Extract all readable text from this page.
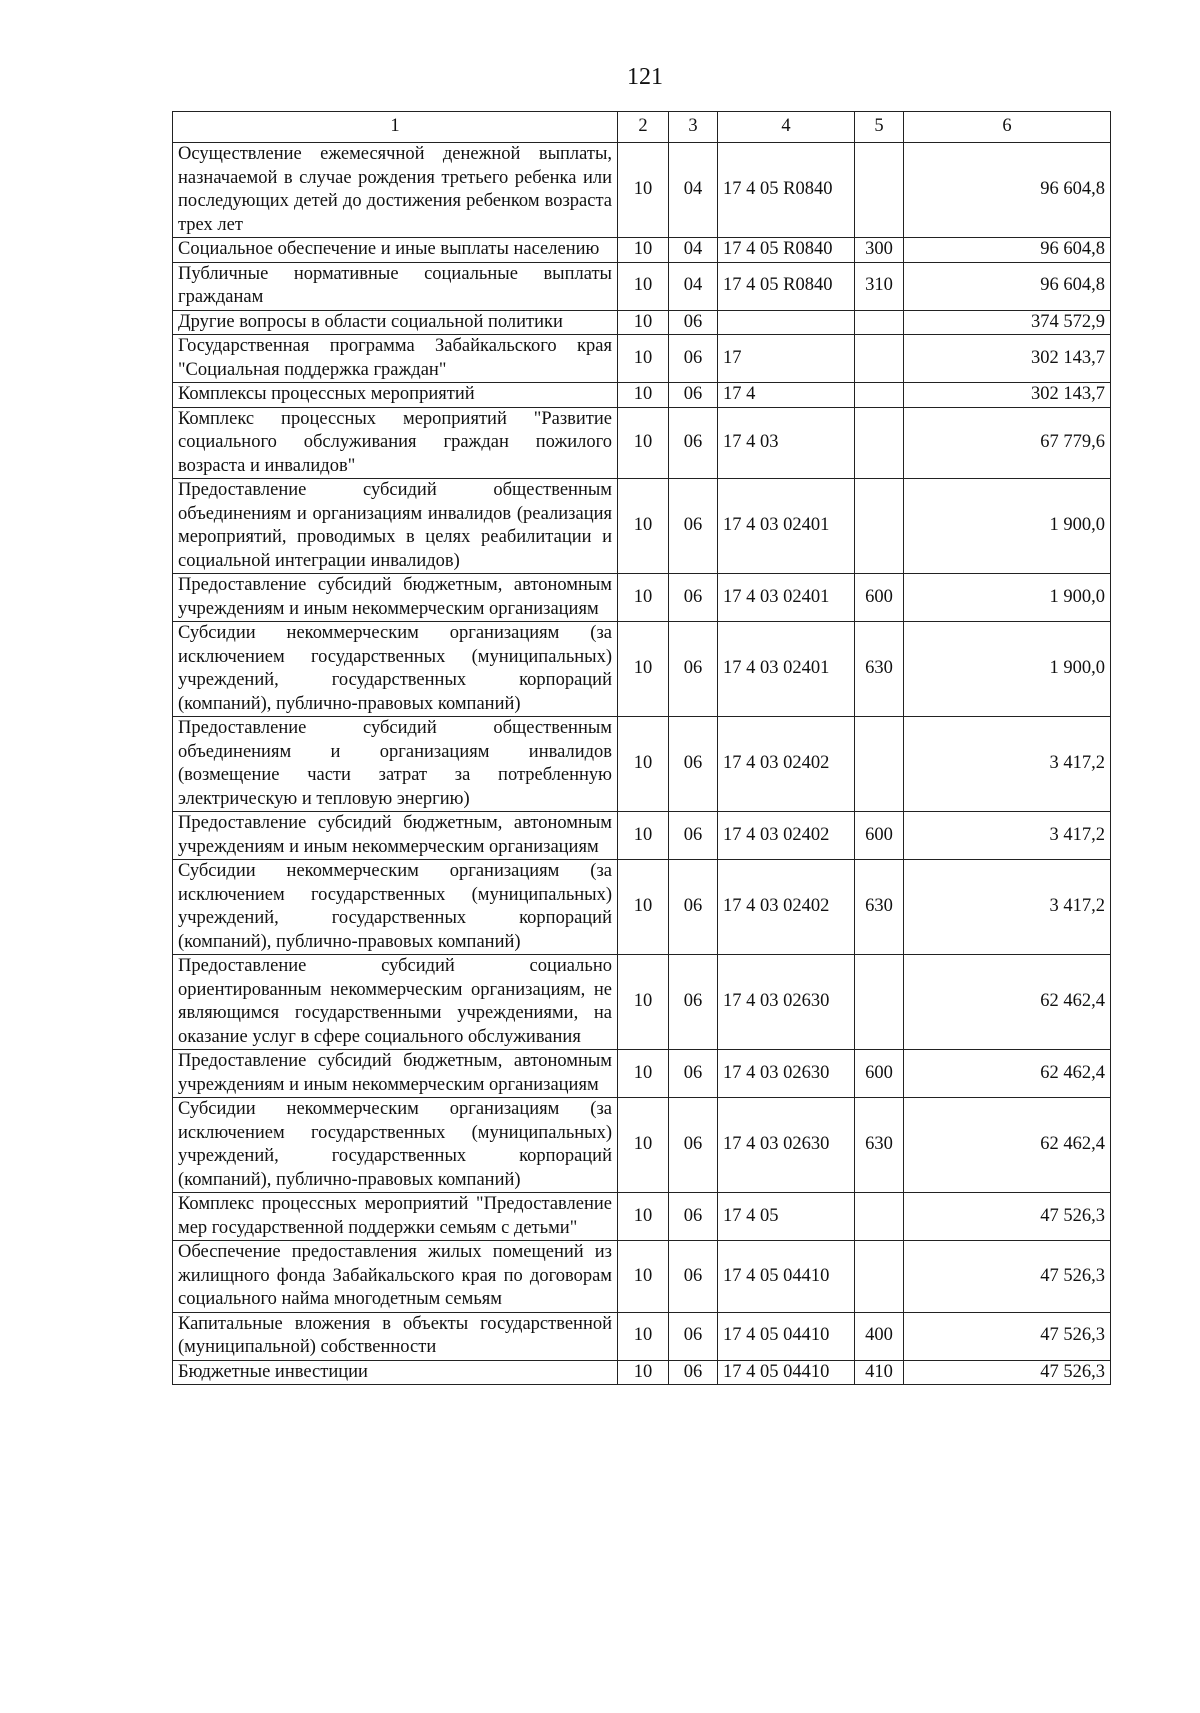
121
1	2	3	4	5	6
Осуществление ежемесячной денежной выплаты, назначаемой в случае рождения третьего ребенка или последующих детей до достижения ребенком возраста трех лет	10	04	17 4 05 R0840		96 604,8
Социальное обеспечение и иные выплаты населению	10	04	17 4 05 R0840	300	96 604,8
Публичные нормативные социальные выплаты гражданам	10	04	17 4 05 R0840	310	96 604,8
Другие вопросы в области социальной политики	10	06			374 572,9
Государственная программа Забайкальского края "Социальная поддержка граждан"	10	06	17		302 143,7
Комплексы процессных мероприятий	10	06	17 4		302 143,7
Комплекс процессных мероприятий "Развитие социального обслуживания граждан пожилого возраста и инвалидов"	10	06	17 4 03		67 779,6
Предоставление субсидий общественным объединениям и организациям инвалидов (реализация мероприятий, проводимых в целях реабилитации и социальной интеграции инвалидов)	10	06	17 4 03 02401		1 900,0
Предоставление субсидий бюджетным, автономным учреждениям и иным некоммерческим организациям	10	06	17 4 03 02401	600	1 900,0
Субсидии некоммерческим организациям (за исключением государственных (муниципальных) учреждений, государственных корпораций (компаний), публично-правовых компаний)	10	06	17 4 03 02401	630	1 900,0
Предоставление субсидий общественным объединениям и организациям инвалидов (возмещение части затрат за потребленную электрическую и тепловую энергию)	10	06	17 4 03 02402		3 417,2
Предоставление субсидий бюджетным, автономным учреждениям и иным некоммерческим организациям	10	06	17 4 03 02402	600	3 417,2
Субсидии некоммерческим организациям (за исключением государственных (муниципальных) учреждений, государственных корпораций (компаний), публично-правовых компаний)	10	06	17 4 03 02402	630	3 417,2
Предоставление субсидий социально ориентированным некоммерческим организациям, не являющимся государственными учреждениями, на оказание услуг в сфере социального обслуживания	10	06	17 4 03 02630		62 462,4
Предоставление субсидий бюджетным, автономным учреждениям и иным некоммерческим организациям	10	06	17 4 03 02630	600	62 462,4
Субсидии некоммерческим организациям (за исключением государственных (муниципальных) учреждений, государственных корпораций (компаний), публично-правовых компаний)	10	06	17 4 03 02630	630	62 462,4
Комплекс процессных мероприятий "Предоставление мер государственной поддержки семьям с детьми"	10	06	17 4 05		47 526,3
Обеспечение предоставления жилых помещений из жилищного фонда Забайкальского края по договорам социального найма многодетным семьям	10	06	17 4 05 04410		47 526,3
Капитальные вложения в объекты государственной (муниципальной) собственности	10	06	17 4 05 04410	400	47 526,3
Бюджетные инвестиции	10	06	17 4 05 04410	410	47 526,3
